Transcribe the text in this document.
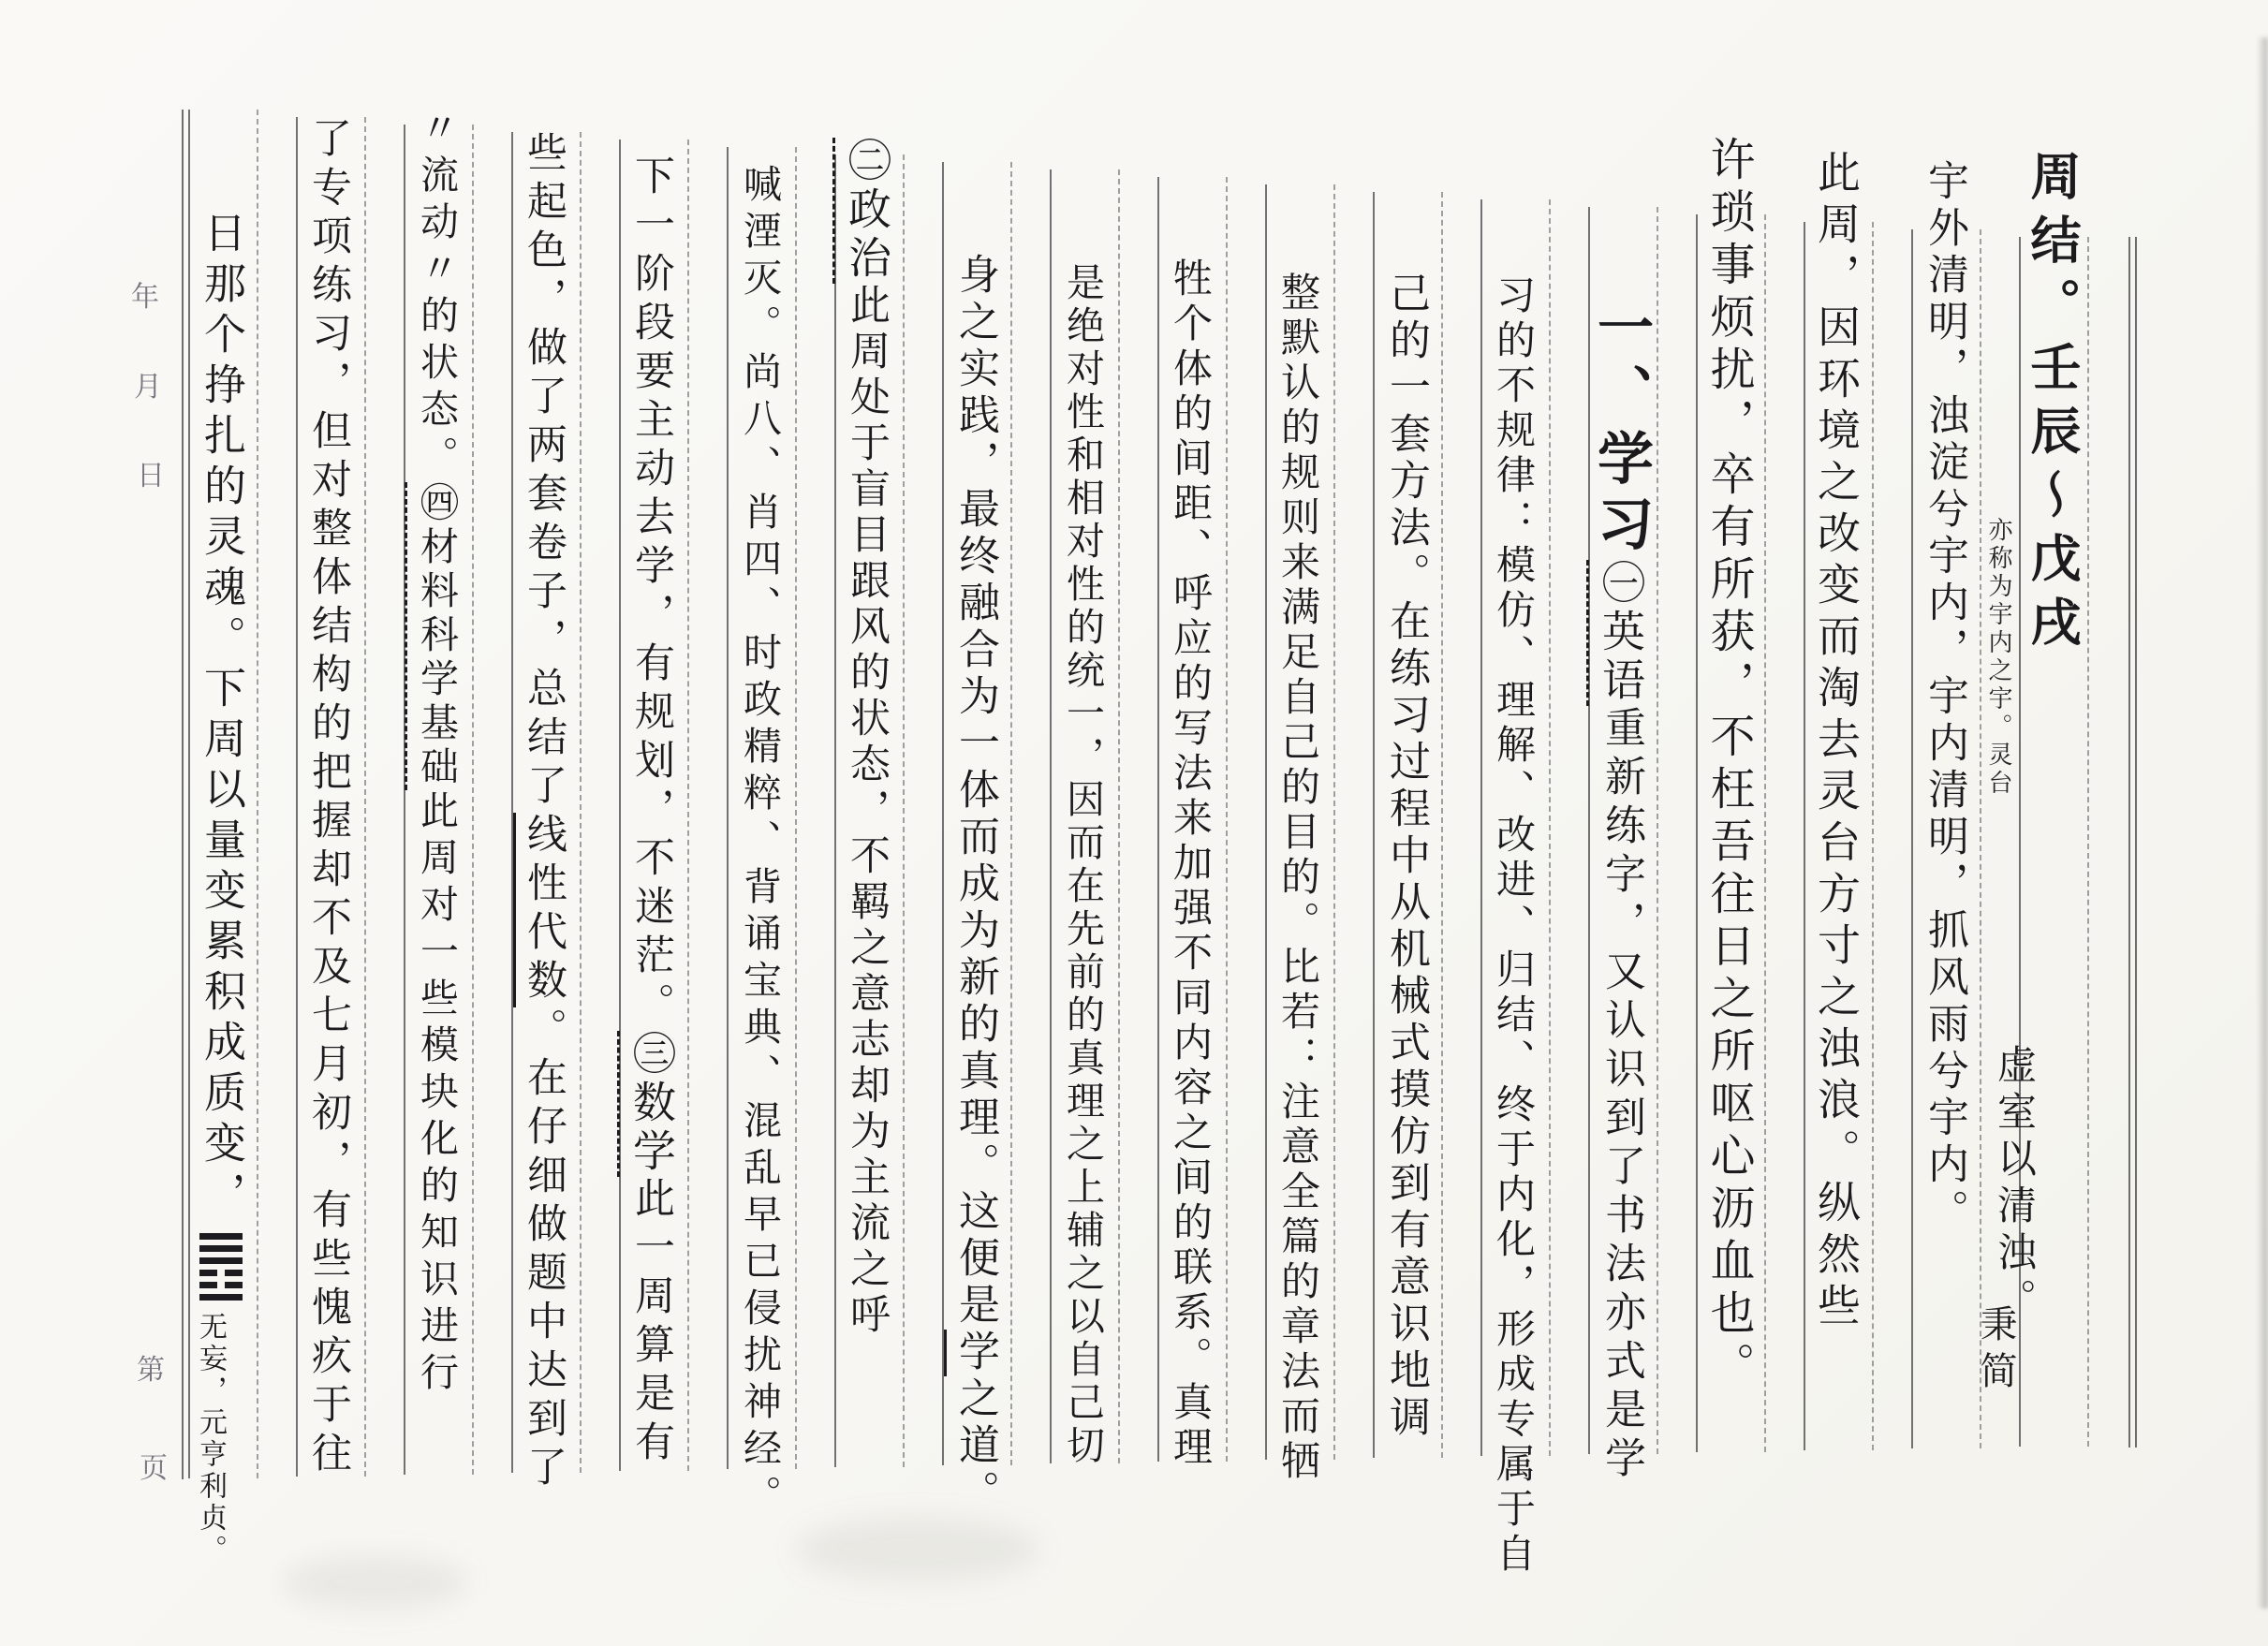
年
月
日
第
页
周结。壬辰～戊戌
虚室以清浊。
秉简
宇外清明，浊淀兮宇内，宇内清明，抓风雨兮宇内。 亦称为宇内之宇。灵台
此周，因环境之改变而淘去灵台方寸之浊浪。纵然些
许琐事烦扰，卒有所获，不枉吾往日之所呕心沥血也。
一、学习㊀英语重新练字，又认识到了书法亦式是学
习的不规律：模仿、理解、改进、归结、终于内化，形成专属于自
己的一套方法。在练习过程中从机械式摸仿到有意识地调
整默认的规则来满足自己的目的。比若：注意全篇的章法而牺
牲个体的间距、呼应的写法来加强不同内容之间的联系。真理
是绝对性和相对性的统一，因而在先前的真理之上辅之以自己切
身之实践，最终融合为一体而成为新的真理。这便是学之道。
㊁政治此周处于盲目跟风的状态，不羁之意志却为主流之呼
喊湮灭。尚八、肖四、时政精粹、背诵宝典、混乱早已侵扰神经。
下一阶段要主动去学，有规划，不迷茫。㊂数学此一周算是有
些起色，做了两套卷子，总结了线性代数。在仔细做题中达到了
〃流动〃的状态。㊃材料科学基础此周对一些模块化的知识进行
了专项练习，但对整体结构的把握却不及七月初，有些愧疚于往
日那个挣扎的灵魂。下周以量变累积成质变，无妄，元亨利贞。
